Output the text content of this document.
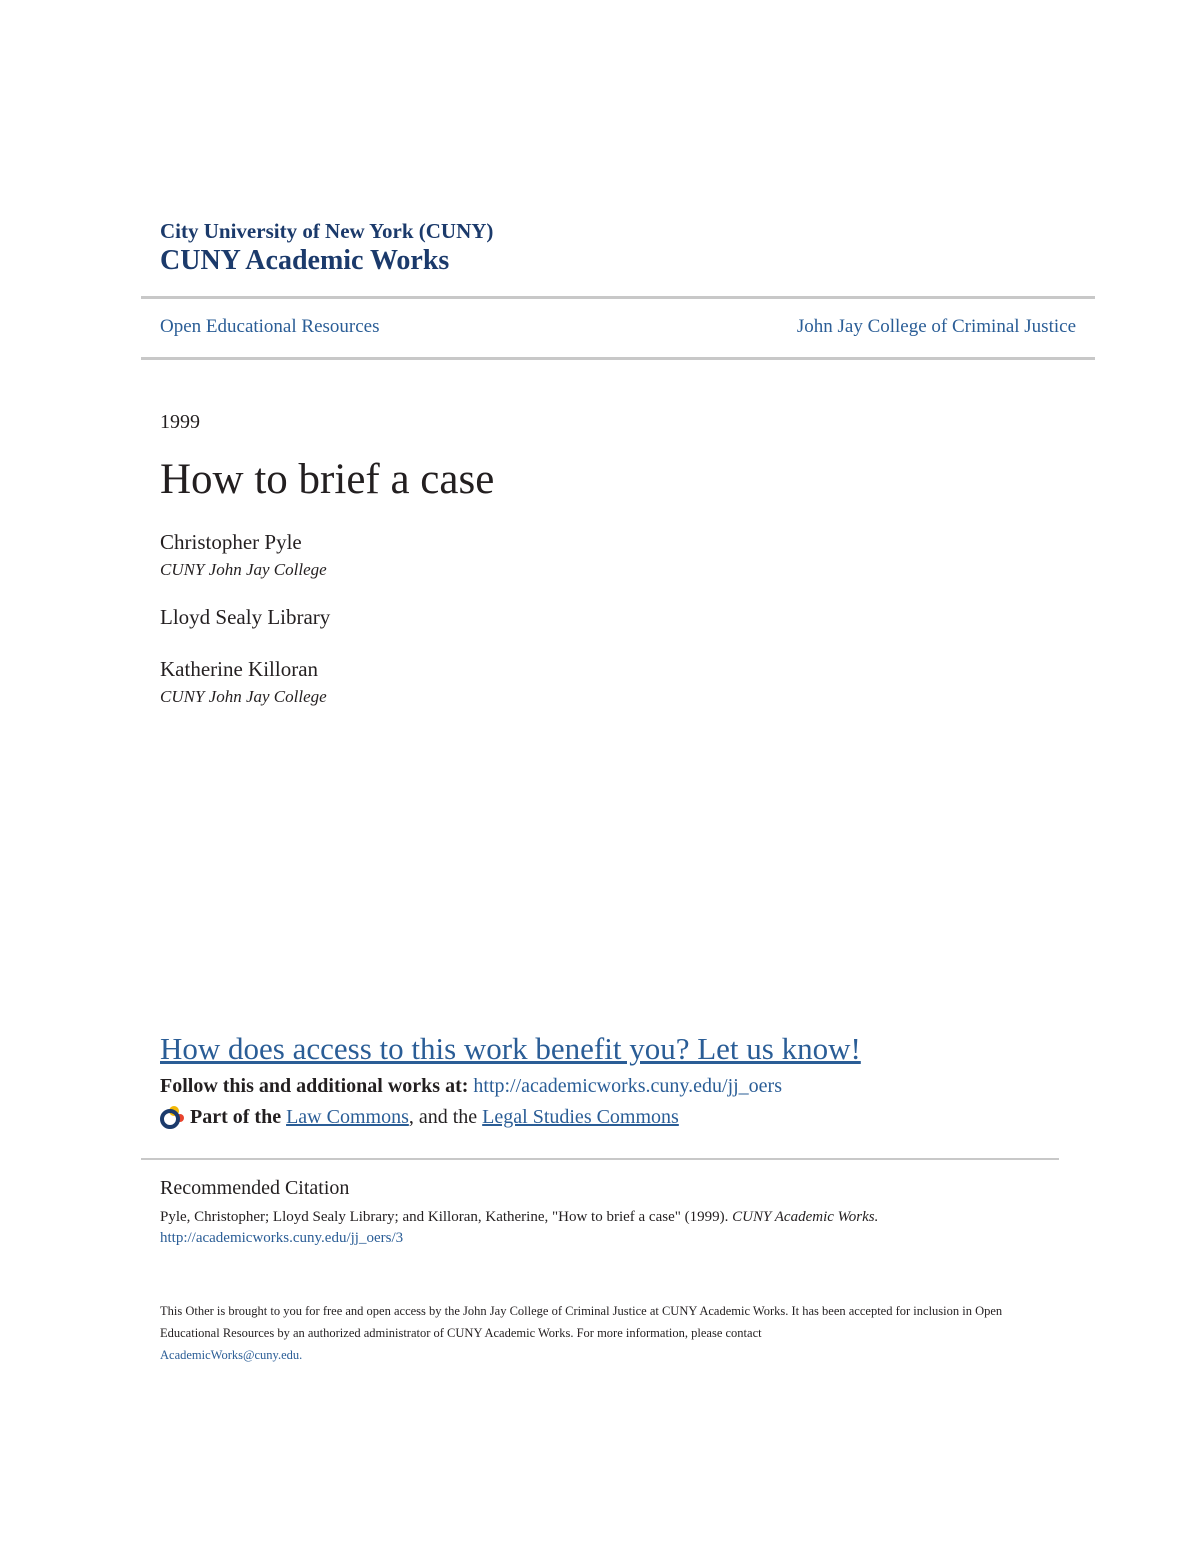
City University of New York (CUNY)
CUNY Academic Works
Open Educational Resources	John Jay College of Criminal Justice
1999
How to brief a case
Christopher Pyle
CUNY John Jay College
Lloyd Sealy Library
Katherine Killoran
CUNY John Jay College
How does access to this work benefit you? Let us know!
Follow this and additional works at: http://academicworks.cuny.edu/jj_oers
Part of the
Law Commons , and the
Legal Studies Commons
Recommended Citation
Pyle, Christopher; Lloyd Sealy Library; and Killoran, Katherine, "How to brief a case" (1999). CUNY Academic Works.
http://academicworks.cuny.edu/jj_oers/3
This Other is brought to you for free and open access by the John Jay College of Criminal Justice at CUNY Academic Works. It has been accepted for inclusion in Open Educational Resources by an authorized administrator of CUNY Academic Works. For more information, please contact
AcademicWorks@cuny.edu.
